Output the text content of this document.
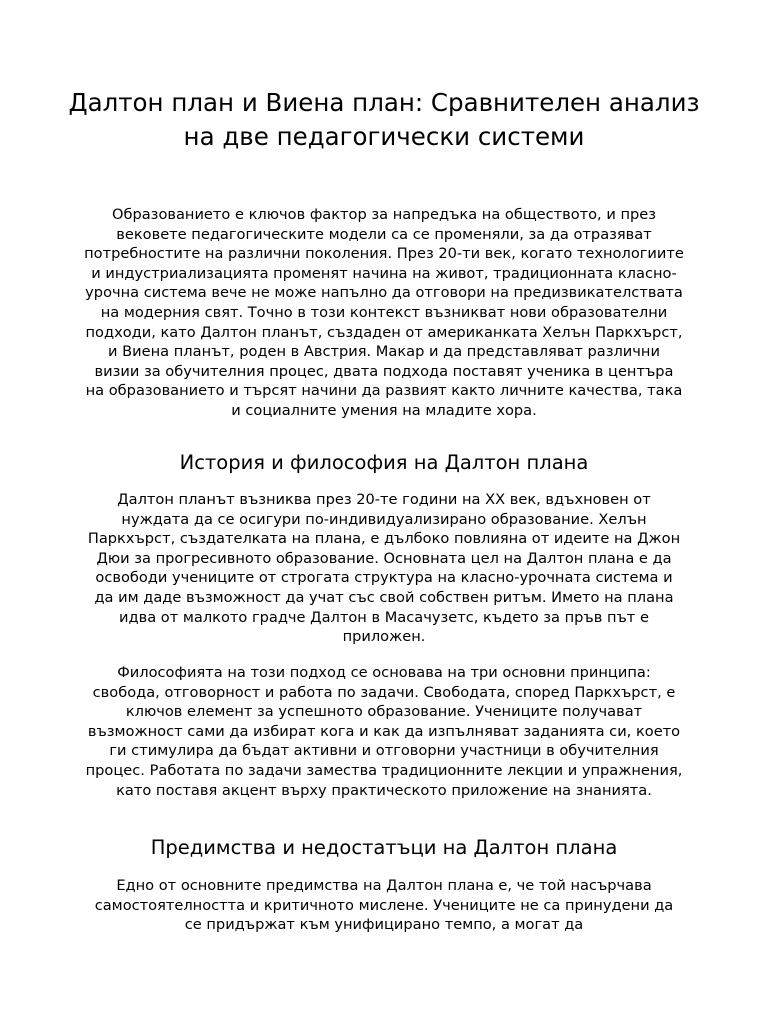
Далтон план и Виена план: Сравнителен анализ на две педагогически системи

Образованието е ключов фактор за напредъка на обществото, и през вековете педагогическите модели са се променяли, за да отразяват потребностите на различни поколения. През 20-ти век, когато технологиите и индустриализацията променят начина на живот, традиционната класно-урочна система вече не може напълно да отговори на предизвикателствата на модерния свят. Точно в този контекст възникват нови образователни подходи, като Далтон планът, създаден от американката Хелън Паркхърст, и Виена планът, роден в Австрия. Макар и да представляват различни визии за обучителния процес, двата подхода поставят ученика в центъра на образованието и търсят начини да развият както личните качества, така и социалните умения на младите хора.

История и философия на Далтон плана

Далтон планът възниква през 20-те години на XX век, вдъхновен от нуждата да се осигури по-индивидуализирано образование. Хелън Паркхърст, създателката на плана, е дълбоко повлияна от идеите на Джон Дюи за прогресивното образование. Основната цел на Далтон плана е да освободи учениците от строгата структура на класно-урочната система и да им даде възможност да учат със свой собствен ритъм. Името на плана идва от малкото градче Далтон в Масачузетс, където за пръв път е приложен.

Философията на този подход се основава на три основни принципа: свобода, отговорност и работа по задачи. Свободата, според Паркхърст, е ключов елемент за успешното образование. Учениците получават възможност сами да избират кога и как да изпълняват заданията си, което ги стимулира да бъдат активни и отговорни участници в обучителния процес. Работата по задачи замества традиционните лекции и упражнения, като поставя акцент върху практическото приложение на знанията.

Предимства и недостатъци на Далтон плана

Едно от основните предимства на Далтон плана е, че той насърчава самостоятелността и критичното мислене. Учениците не са принудени да се придържат към унифицирано темпо, а могат да
